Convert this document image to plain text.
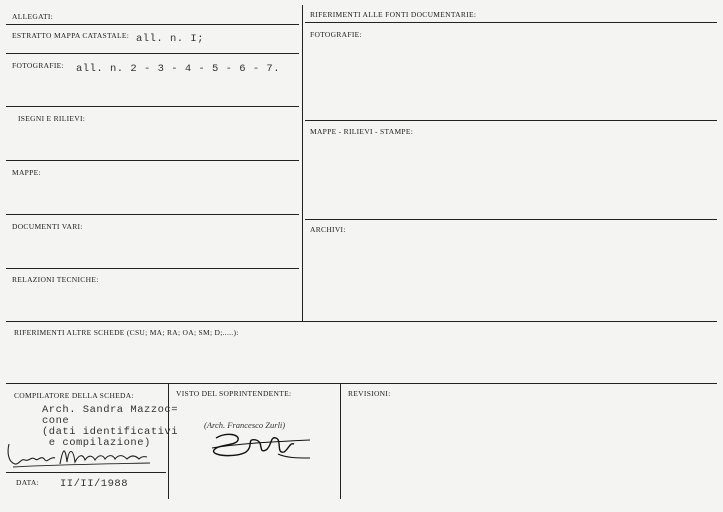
ALLEGATI:
ESTRATTO MAPPA CATASTALE: all. n. I;
FOTOGRAFIE: all. n. 2 - 3 - 4 - 5 - 6 - 7.
ISEGNI E RILIEVI:
MAPPE:
DOCUMENTI VARI:
RELAZIONI TECNICHE:
RIFERIMENTI ALLE FONTI DOCUMENTARIE:
FOTOGRAFIE:
MAPPE - RILIEVI - STAMPE:
ARCHIVI:
RIFERIMENTI ALTRE SCHEDE (CSU; MA; RA; OA; SM; D;.....):
COMPILATORE DELLA SCHEDA:
Arch. Sandra Mazzoc=
cone
(dati identificativi
e compilazione)
DATA: II/II/1988
VISTO DEL SOPRINTENDENTE:
(Arch. Francesco Zurli)
REVISIONI:
